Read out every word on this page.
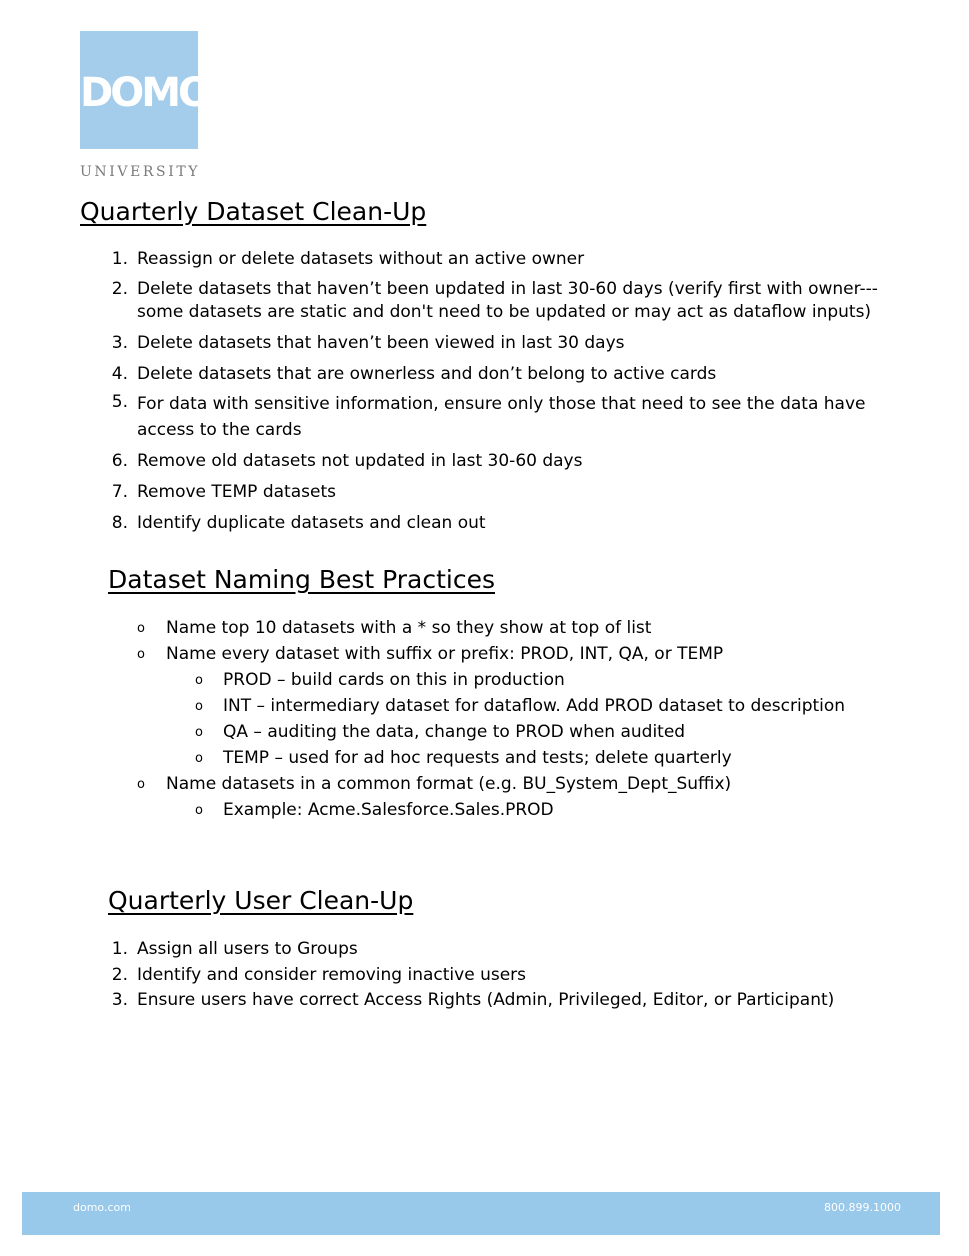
DOMO
UNIVERSITY
Quarterly Dataset Clean-Up
1. Reassign or delete datasets without an active owner
2. Delete datasets that haven’t been updated in last 30-60 days (verify first with owner---some datasets are static and don't need to be updated or may act as dataflow inputs)
3. Delete datasets that haven’t been viewed in last 30 days
4. Delete datasets that are ownerless and don’t belong to active cards
5. For data with sensitive information, ensure only those that need to see the data have access to the cards
6. Remove old datasets not updated in last 30-60 days
7. Remove TEMP datasets
8. Identify duplicate datasets and clean out
Dataset Naming Best Practices
o Name top 10 datasets with a * so they show at top of list
o Name every dataset with suffix or prefix: PROD, INT, QA, or TEMP
o PROD – build cards on this in production
o INT – intermediary dataset for dataflow. Add PROD dataset to description
o QA – auditing the data, change to PROD when audited
o TEMP – used for ad hoc requests and tests; delete quarterly
o Name datasets in a common format (e.g. BU_System_Dept_Suffix)
o Example: Acme.Salesforce.Sales.PROD
Quarterly User Clean-Up
1. Assign all users to Groups
2. Identify and consider removing inactive users
3. Ensure users have correct Access Rights (Admin, Privileged, Editor, or Participant)
domo.com	800.899.1000
